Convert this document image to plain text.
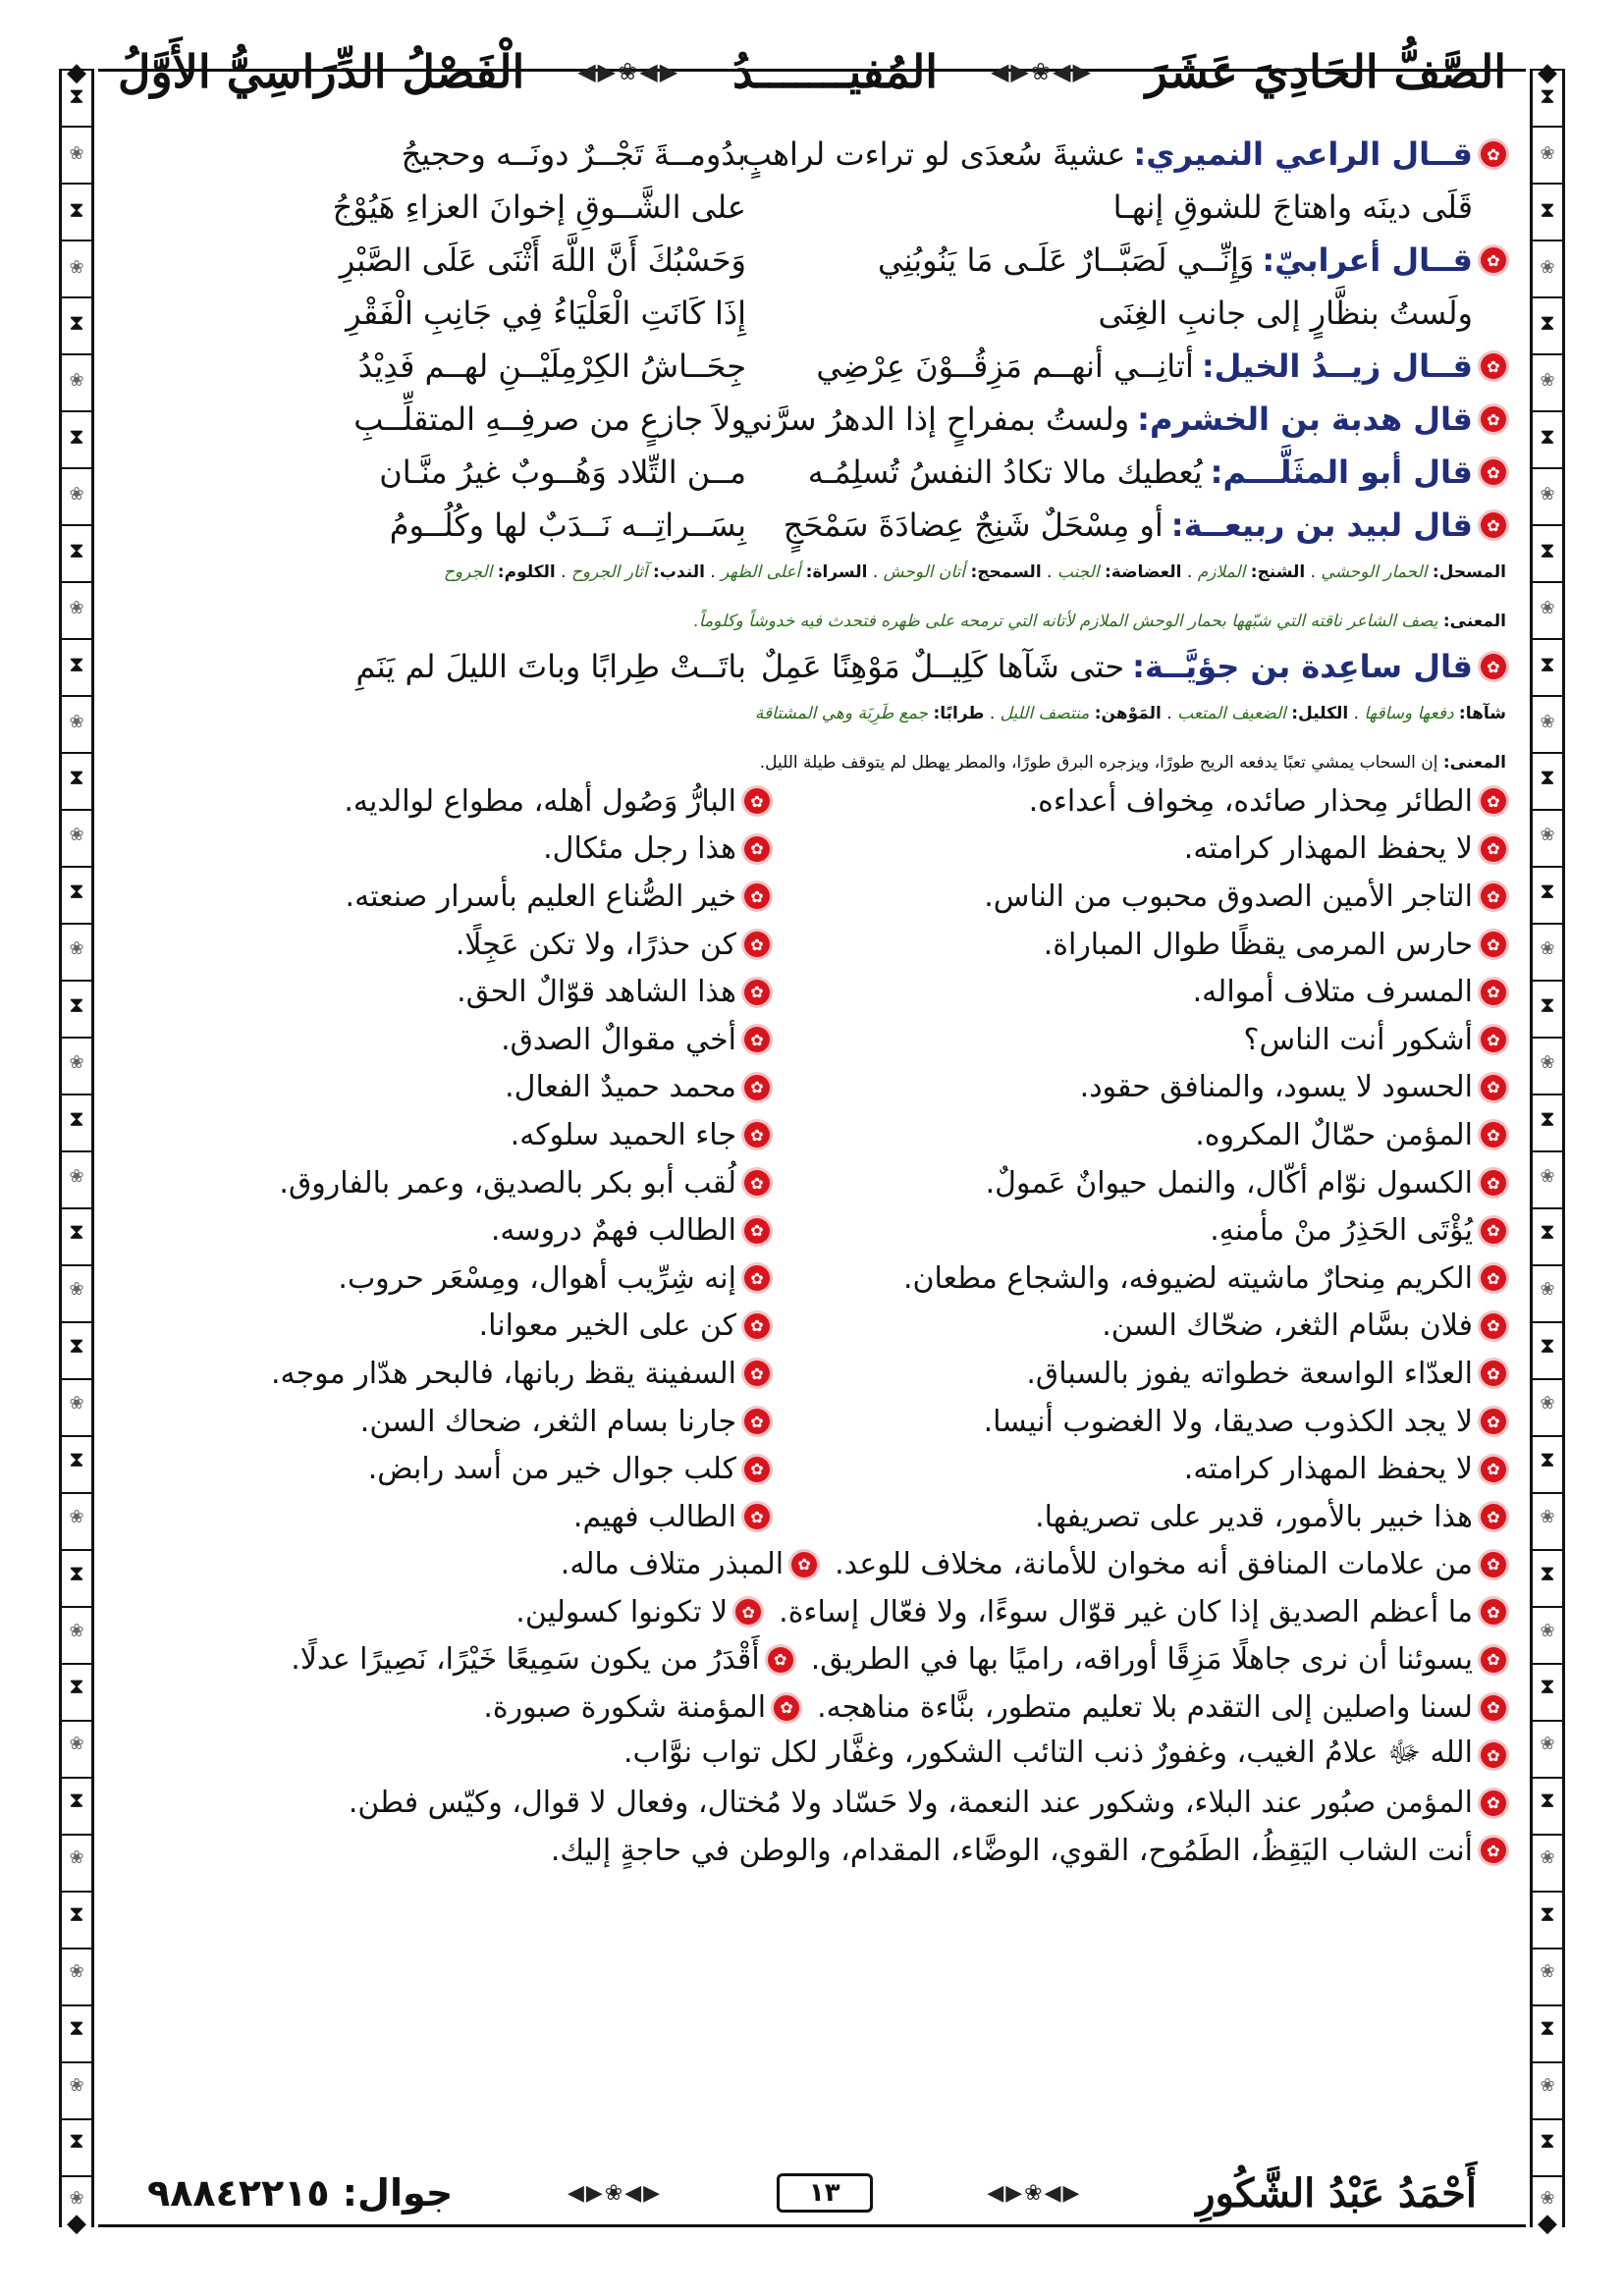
⧗
❀
⧗
❀
⧗
❀
⧗
❀
⧗
❀
⧗
❀
⧗
❀
⧗
❀
⧗
❀
⧗
❀
⧗
❀
⧗
❀
⧗
❀
⧗
❀
⧗
❀
⧗
❀
⧗
❀
⧗
❀
⧗
❀
⧗
❀
⧗
❀
⧗
❀
⧗
❀
⧗
❀
⧗
❀
⧗
❀
⧗
❀
⧗
❀
⧗
❀
⧗
❀
⧗
❀
⧗
❀
⧗
❀
⧗
❀
⧗
❀
⧗
❀
⧗
❀
⧗
❀
◆	◆
◆	◆
الصَّفُّ الحَادِيَ عَشَرَ
▶◀❀▶◀
المُفيـــــــدُ
▶◀❀▶◀
الْفَصْلُ الدِّرَاسِيُّ الأَوَّلُ
✿
قــال الراعي النميري:
عشيةَ سُعدَى لو تراءت لراهبٍ
بدُومــةَ تَجْــرٌ دونَــه وحجيجُ
قَلَى دينَه واهتاجَ للشوقِ إنهـا
على الشَّــوقِ إخوانَ العزاءِ هَيُوْجُ
✿
قــال أعرابيّ:
وَإِنِّــي لَصَبَّــارٌ عَلَـى مَا يَنُوبُنِي
وَحَسْبُكَ أَنَّ اللَّهَ أَثْنَى عَلَى الصَّبْرِ
ولَستُ بنظَّارٍ إلى جانبِ الغِنَى
إِذَا كَانَتِ الْعَلْيَاءُ فِي جَانِبِ الْفَقْرِ
✿
قــال زيــدُ الخيل:
أتانِــي أنهــم مَزِقُــوْنَ عِرْضِي
جِحَــاشُ الكِرْمِلَيْــنِ لهــم فَدِيْدُ
✿
قال هدبة بن الخشرم:
ولستُ بمفراحٍ إذا الدهرُ سرَّني
ولاَ جازعٍ من صرفِــهِ المتقلِّــبِ
✿
قال أبو المثَلَّـــم:
يُعطيك مالا تكادُ النفسُ تُسلِمُـه
مــن التِّلاد وَهُــوبٌ غيرُ منَّـان
✿
قال لبيد بن ربيعــة:
أو مِسْحَلٌ شَنِجٌ عِضادَةَ سَمْحَجٍ
بِسَــراتِــه نَــدَبٌ لها وكُلُــومُ
المسحل: الحمار الوحشي . الشنج: الملازم . العضاضة: الجنب . السمحج: أتان الوحش . السراة: أعلى الظهر . الندب: آثار الجروح . الكلوم: الجروح
المعنى: يصف الشاعر ناقته التي شبّهها بحمار الوحش الملازم لأتانه التي ترمحه على ظهره فتحدث فيه خدوشاً وكلوماً.
✿
قال ساعِدة بن جؤيَّــة:
حتى شَآها كَلِيــلٌ مَوْهِنًا عَمِلٌ
باتَــتْ طِرابًا وباتَ الليلَ لم يَنَمِ
شآها: دفعها وساقها . الكليل: الضعيف المتعب . المَوْهن: منتصف الليل . طرابًا: جمع طَرِبَة وهي المشتاقة
المعنى: إن السحاب يمشي تعبًا يدفعه الريح طورًا، ويزجره البرق طورًا، والمطر يهطل لم يتوقف طيلة الليل.
✿
الطائر مِحذار صائده، مِخواف أعداءه.
✿
البارُّ وَصُول أهله، مطواع لوالديه.
✿
لا يحفظ المهذار كرامته.
✿
هذا رجل مئكال.
✿
التاجر الأمين الصدوق محبوب من الناس.
✿
خير الصُّناع العليم بأسرار صنعته.
✿
حارس المرمى يقظًا طوال المباراة.
✿
كن حذرًا، ولا تكن عَجِلًا.
✿
المسرف متلاف أمواله.
✿
هذا الشاهد قوّالٌ الحق.
✿
أشكور أنت الناس؟
✿
أخي مقوالٌ الصدق.
✿
الحسود لا يسود، والمنافق حقود.
✿
محمد حميدٌ الفعال.
✿
المؤمن حمّالٌ المكروه.
✿
جاء الحميد سلوكه.
✿
الكسول نوّام أكّال، والنمل حيوانٌ عَمولٌ.
✿
لُقب أبو بكر بالصديق، وعمر بالفاروق.
✿
يُؤْتَى الحَذِرُ منْ مأمنهِ.
✿
الطالب فهمٌ دروسه.
✿
الكريم مِنحارٌ ماشيته لضيوفه، والشجاع مطعان.
✿
إنه شِرِّيب أهوال، ومِسْعَر حروب.
✿
فلان بسَّام الثغر، ضحّاك السن.
✿
كن على الخير معوانا.
✿
العدّاء الواسعة خطواته يفوز بالسباق.
✿
السفينة يقظ ربانها، فالبحر هدّار موجه.
✿
لا يجد الكذوب صديقا، ولا الغضوب أنيسا.
✿
جارنا بسام الثغر، ضحاك السن.
✿
لا يحفظ المهذار كرامته.
✿
كلب جوال خير من أسد رابض.
✿
هذا خبير بالأمور، قدير على تصريفها.
✿
الطالب فهيم.
✿
من علامات المنافق أنه مخوان للأمانة، مخلاف للوعد.
✿
المبذر متلاف ماله.
✿
ما أعظم الصديق إذا كان غير قوّال سوءًا، ولا فعّال إساءة.
✿
لا تكونوا كسولين.
✿
يسوئنا أن نرى جاهلًا مَزِقًا أوراقه، راميًا بها في الطريق.
✿
أَقْدَرُ من يكون سَمِيعًا خَيْرًا، نَصِيرًا عدلًا.
✿
لسنا واصلين إلى التقدم بلا تعليم متطور، بنَّاءة مناهجه.
✿
المؤمنة شكورة صبورة.
✿
الله ﷻ علامُ الغيب، وغفورٌ ذنب التائب الشكور، وغفَّار لكل تواب نوَّاب.
✿
المؤمن صبُور عند البلاء، وشكور عند النعمة، ولا حَسّاد ولا مُختال، وفعال لا قوال، وكيّس فطن.
✿
أنت الشاب اليَقِظُ، الطَمُوح، القوي، الوضَّاء، المقدام، والوطن في حاجةٍ إليك.
أَحْمَدُ عَبْدُ الشَّكُورِ
▶◀❀▶◀
١٣
▶◀❀▶◀
جوال: ٩٨٨٤٢٢١٥
